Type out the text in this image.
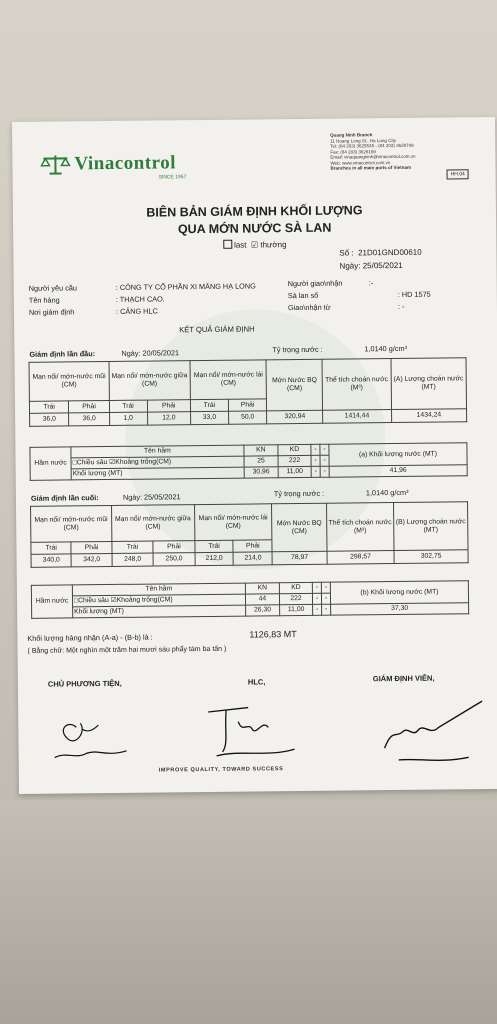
Vinacontrol
SINCE 1957
Quang Ninh Branch
11 Hoang Long St., Ha Long City
Tel: (84 203) 3625535 - (84 203) 3639749
Fax: (84 203) 3626169
Email: vinaquangninh@vinacontrol.com.vn
Web: www.vinacontrol.com.vn
Branches in all main ports of Vietnam
HH.04
BIÊN BẢN GIÁM ĐỊNH KHỐI LƯỢNG
QUA MỚN NƯỚC SÀ LAN
last ☑ thường
Số : 21D01GND00610
Ngày: 25/05/2021
Người yêu cầu	: CÔNG TY CỔ PHẦN XI MĂNG HẠ LONG
Tên hàng	: THẠCH CAO.
Nơi giám định	: CẢNG HLC
Người giao\nhận	:-
Sà lan số	: HD 1575
Giao\nhận từ	: -
KẾT QUẢ GIÁM ĐỊNH
Giám định lần đầu:	Ngày: 20/05/2021	Tỷ trọng nước :	1,0140 g/cm³
Mạn nổi/ mớn-nước mũi (CM)		Mạn nổi/ mớn-nước giữa (CM)		Mạn nổi/ mớn-nước lái (CM)		Mớn Nước BQ (CM)	Thể tích choán nước (M³)	(A) Lượng choán nước (MT)
Trái	Phải	Trái	Phải	Trái	Phải			
36,0	36,0	1,0	12,0	33,0	50,0	320,94	1414,44	1434,24
Hầm nước	Tên hầm	KN	KD	-	-	(a) Khối lượng nước (MT)
	□Chiều sâu ☑Khoảng trống(CM)	25	222	-	-	
	Khối lượng (MT)	30,96	11,00	-	-	41,96
Giám định lần cuối:	Ngày: 25/05/2021	Tỷ trọng nước :	1,0140 g/cm³
Mạn nổi/ mớn-nước mũi (CM)		Mạn nổi/ mớn-nước giữa (CM)		Mạn nổi/ mớn-nước lái (CM)		Mớn Nước BQ (CM)	Thể tích choán nước (M³)	(B) Lượng choán nước (MT)
Trái	Phải	Trái	Phải	Trái	Phải			
340,0	342,0	248,0	250,0	212,0	214,0	78,97	298,57	302,75
Hầm nước	Tên hầm	KN	KD	-	-	(b) Khối lượng nước (MT)
	□Chiều sâu ☑Khoảng trống(CM)	44	222	-	-	
	Khối lượng (MT)	26,30	11,00	-	-	37,30
Khối lượng hàng nhận (A-a) - (B-b) là :	1126,83 MT
( Bằng chữ: Một nghìn một trăm hai mươi sáu phẩy tám ba tấn )
CHỦ PHƯƠNG TIỆN,	HLC,	GIÁM ĐỊNH VIÊN,
IMPROVE QUALITY, TOWARD SUCCESS
